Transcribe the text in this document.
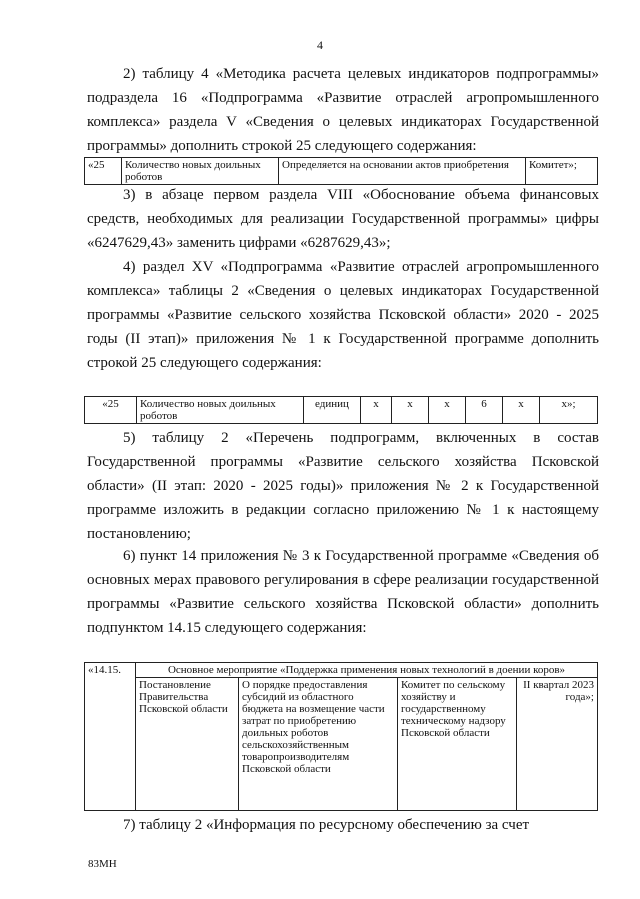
4
2) таблицу 4 «Методика расчета целевых индикаторов подпрограммы» подраздела 16 «Подпрограмма «Развитие отраслей агропромышленного комплекса» раздела V «Сведения о целевых индикаторах Государственной программы» дополнить строкой 25 следующего содержания:
«25	Количество новых доильных роботов	Определяется на основании актов приобретения	Комитет»;
3) в абзаце первом раздела VIII «Обоснование объема финансовых средств, необходимых для реализации Государственной программы» цифры «6247629,43» заменить цифрами «6287629,43»;
4) раздел XV «Подпрограмма «Развитие отраслей агропромышленного комплекса» таблицы 2 «Сведения о целевых индикаторах Государственной программы «Развитие сельского хозяйства Псковской области» 2020 - 2025 годы (II этап)» приложения № 1 к Государственной программе дополнить строкой 25 следующего содержания:
«25	Количество новых доильных роботов	единиц	х	х	х	6	х	х»;
5) таблицу 2 «Перечень подпрограмм, включенных в состав Государственной программы «Развитие сельского хозяйства Псковской области» (II этап: 2020 - 2025 годы)» приложения № 2 к Государственной программе изложить в редакции согласно приложению № 1 к настоящему постановлению;
6) пункт 14 приложения № 3 к Государственной программе «Сведения об основных мерах правового регулирования в сфере реализации государственной программы «Развитие сельского хозяйства Псковской области» дополнить подпунктом 14.15 следующего содержания:
«14.15.	Основное мероприятие «Поддержка применения новых технологий в доении коров»			
	Постановление Правительства Псковской области	О порядке предоставления субсидий из областного бюджета на возмещение части затрат по приобретению доильных роботов сельскохозяйственным товаропроизводителям Псковской области	Комитет по сельскому хозяйству и государственному техническому надзору Псковской области	II квартал 2023 года»;
7) таблицу 2 «Информация по ресурсному обеспечению за счет
83МН
